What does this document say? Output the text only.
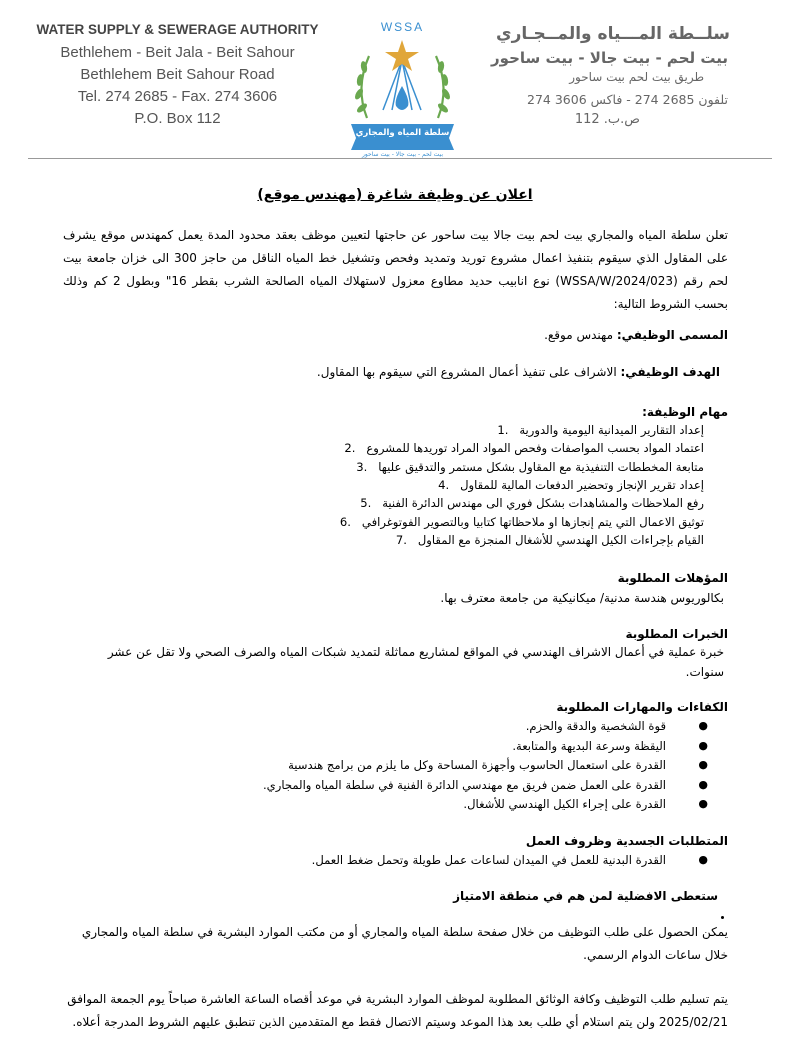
WATER SUPPLY & SEWERAGE AUTHORITY
Bethlehem - Beit Jala - Beit Sahour
Bethlehem Beit Sahour Road
Tel. 274 2685 - Fax. 274 3606
P.O. Box 112
WSSA
سلطة المياه والمجاري
بيت لحم - بيت جالا - بيت ساحور
سلــطة المـــياه والمــجـاري
بيت لحم - بيت جالا - بيت ساحور
طريق بيت لحم بيت ساحور
تلفون 2685 274 - فاكس 3606 274
ص.ب. 112
اعلان عن وظيفة شاغرة (مهندس موقع)
تعلن سلطة المياه والمجاري بيت لحم بيت جالا بيت ساحور عن حاجتها لتعيين موظف بعقد محدود المدة يعمل كمهندس موقع يشرف على المقاول الذي سيقوم بتنفيذ اعمال مشروع توريد وتمديد وفحص وتشغيل خط المياه الناقل من حاجز 300 الى خزان جامعة بيت لحم رقم (WSSA/W/2024/023) نوع انابيب حديد مطاوع معزول لاستهلاك المياه الصالحة الشرب بقطر 16" وبطول 2 كم وذلك بحسب الشروط التالية:
المسمى الوظيفي: مهندس موقع.
الهدف الوظيفي: الاشراف على تنفيذ أعمال المشروع التي سيقوم بها المقاول.
مهام الوظيفة:
إعداد التقارير الميدانية اليومية والدورية1.
اعتماد المواد بحسب المواصفات وفحص المواد المراد توريدها للمشروع2.
متابعة المخططات التنفيذية مع المقاول بشكل مستمر والتدقيق عليها3.
إعداد تقرير الإنجاز وتحضير الدفعات المالية للمقاول4.
رفع الملاحظات والمشاهدات بشكل فوري الى مهندس الدائرة الفنية5.
توثيق الاعمال التي يتم إنجازها او ملاحظاتها كتابيا وبالتصوير الفوتوغرافي6.
القيام بإجراءات الكيل الهندسي للأشغال المنجزة مع المقاول7.
المؤهلات المطلوبة
بكالوريوس هندسة مدنية/ ميكانيكية من جامعة معترف بها.
الخبرات المطلوبة
خبرة عملية في أعمال الاشراف الهندسي في المواقع لمشاريع مماثلة لتمديد شبكات المياه والصرف الصحي ولا تقل عن عشر
سنوات.
الكفاءات والمهارات المطلوبة
●
قوة الشخصية والدقة والحزم.
●
اليقظة وسرعة البديهة والمتابعة.
●
القدرة على استعمال الحاسوب وأجهزة المساحة وكل ما يلزم من برامج هندسية
●
القدرة على العمل ضمن فريق مع مهندسي الدائرة الفنية في سلطة المياه والمجاري.
●
القدرة على إجراء الكيل الهندسي للأشغال.
المتطلبات الجسدية وظروف العمل
●
القدرة البدنية للعمل في الميدان لساعات عمل طويلة وتحمل ضغط العمل.
ستعطى الافضلية لمن هم في منطقة الامتياز
يمكن الحصول على طلب التوظيف من خلال صفحة سلطة المياه والمجاري أو من مكتب الموارد البشرية في سلطة المياه والمجاري
خلال ساعات الدوام الرسمي.
يتم تسليم طلب التوظيف وكافة الوثائق المطلوبة لموظف الموارد البشرية في موعد أقصاه الساعة العاشرة صباحاً يوم الجمعة الموافق
2025/02/21 ولن يتم استلام أي طلب بعد هذا الموعد وسيتم الاتصال فقط مع المتقدمين الذين تنطبق عليهم الشروط المدرجة أعلاه.
